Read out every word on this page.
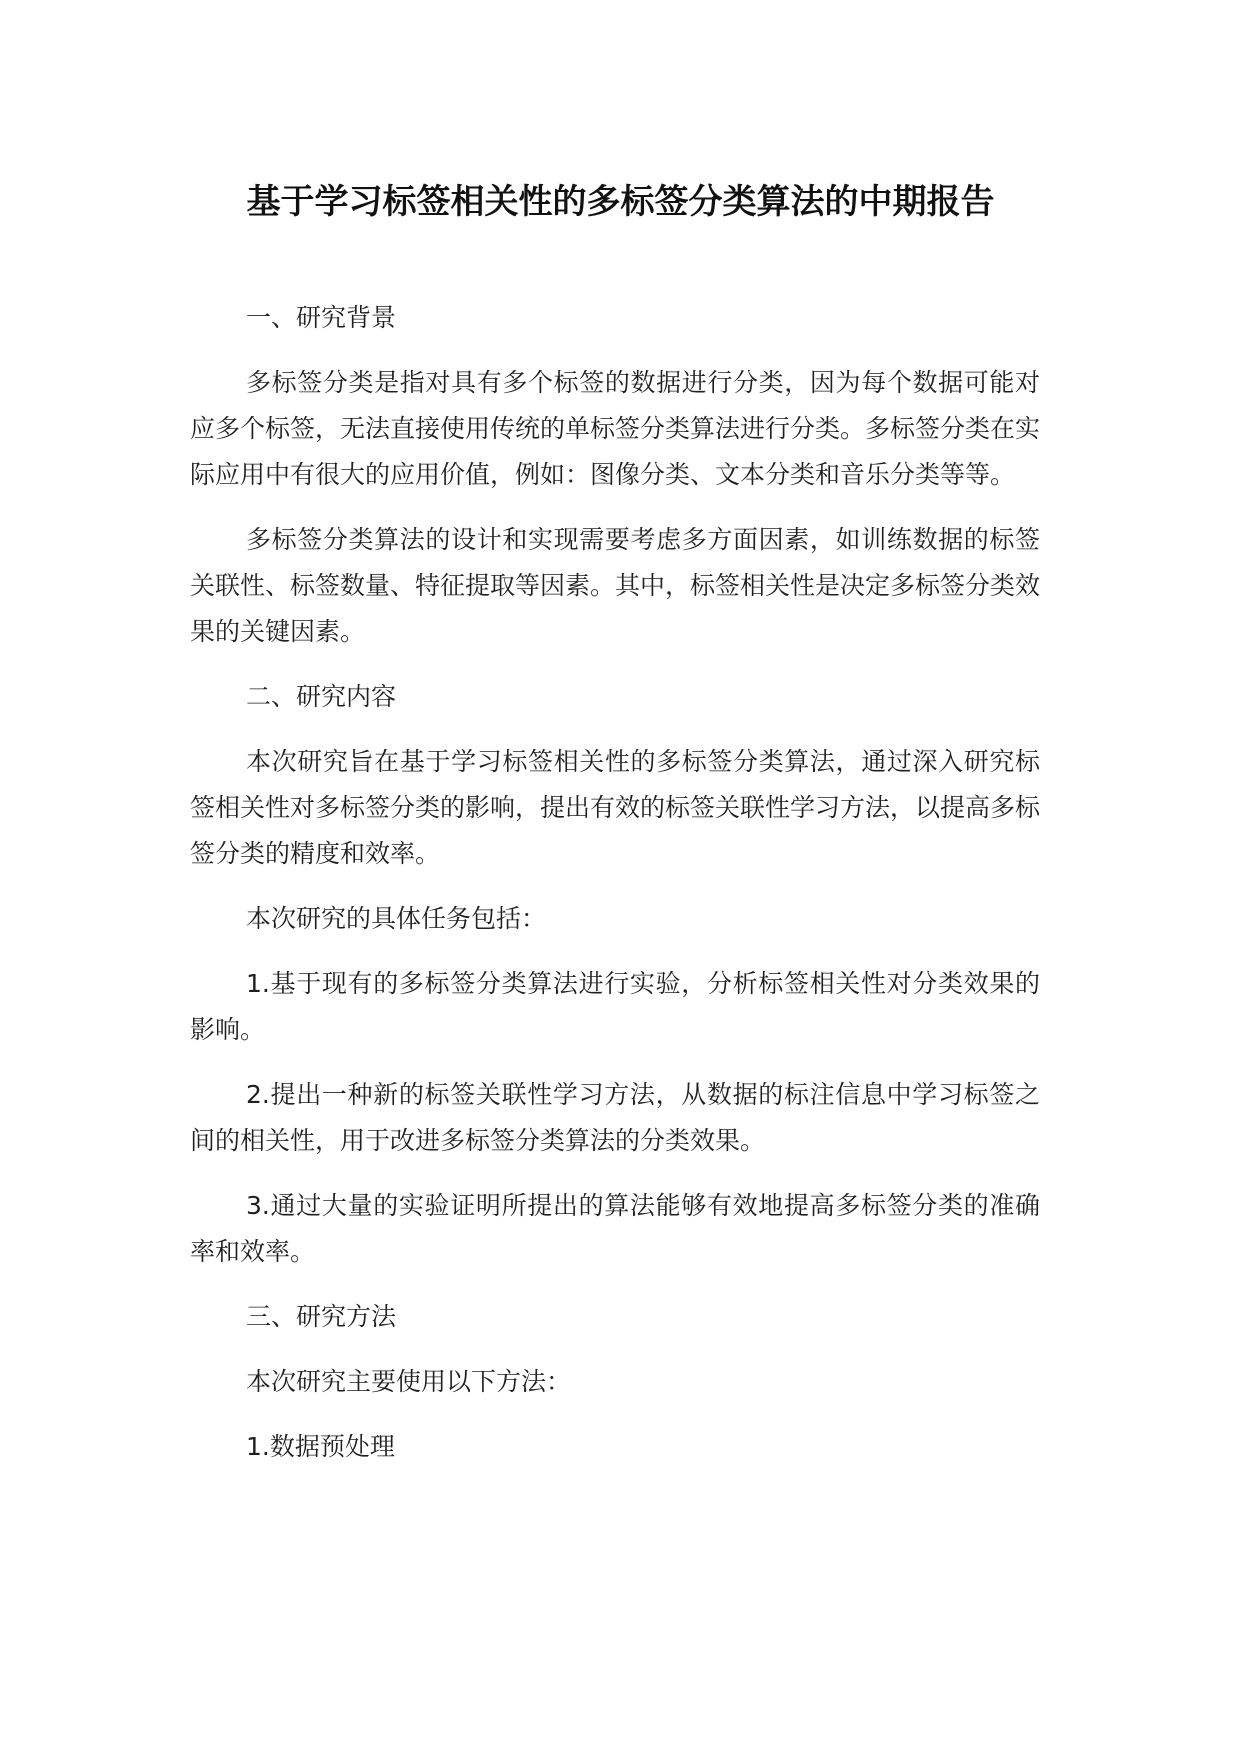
基于学习标签相关性的多标签分类算法的中期报告

一、研究背景

多标签分类是指对具有多个标签的数据进行分类，因为每个数据可能对应多个标签，无法直接使用传统的单标签分类算法进行分类。多标签分类在实际应用中有很大的应用价值，例如：图像分类、文本分类和音乐分类等等。

多标签分类算法的设计和实现需要考虑多方面因素，如训练数据的标签关联性、标签数量、特征提取等因素。其中，标签相关性是决定多标签分类效果的关键因素。

二、研究内容

本次研究旨在基于学习标签相关性的多标签分类算法，通过深入研究标签相关性对多标签分类的影响，提出有效的标签关联性学习方法，以提高多标签分类的精度和效率。

本次研究的具体任务包括：

1.基于现有的多标签分类算法进行实验，分析标签相关性对分类效果的影响。

2.提出一种新的标签关联性学习方法，从数据的标注信息中学习标签之间的相关性，用于改进多标签分类算法的分类效果。

3.通过大量的实验证明所提出的算法能够有效地提高多标签分类的准确率和效率。

三、研究方法

本次研究主要使用以下方法：

1.数据预处理
